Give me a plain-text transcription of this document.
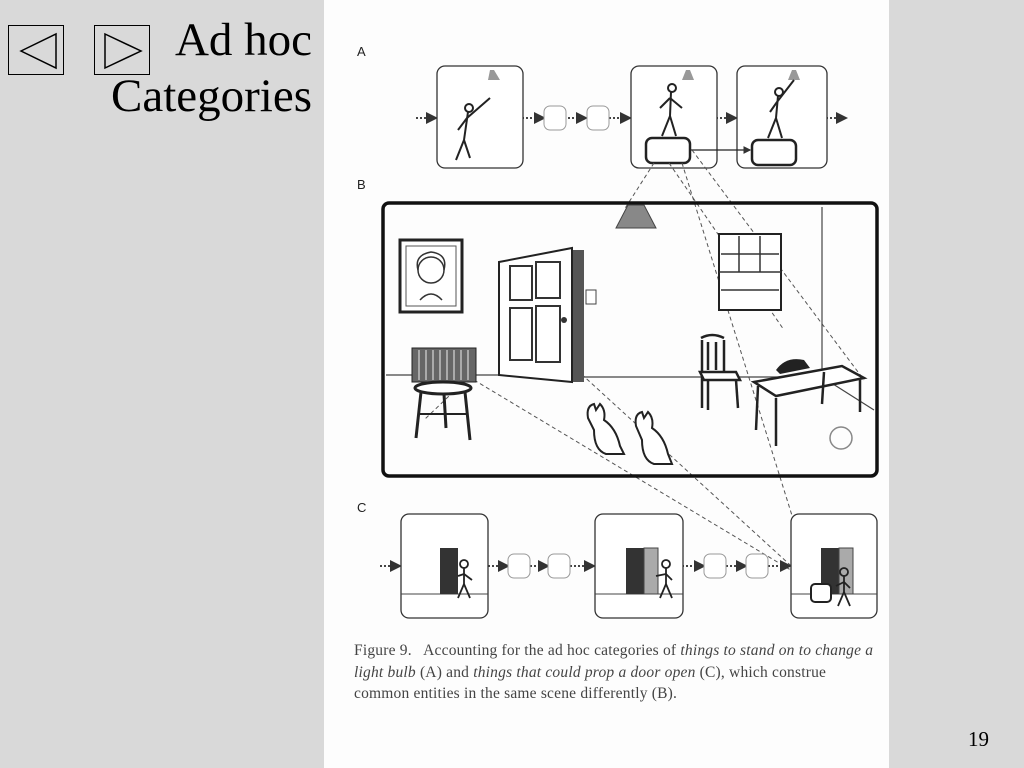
Ad hoc
Categories
A
B
C
Figure 9. Accounting for the ad hoc categories of things to stand on to change a light bulb (A) and things that could prop a door open (C), which construe common entities in the same scene differently (B).
19
